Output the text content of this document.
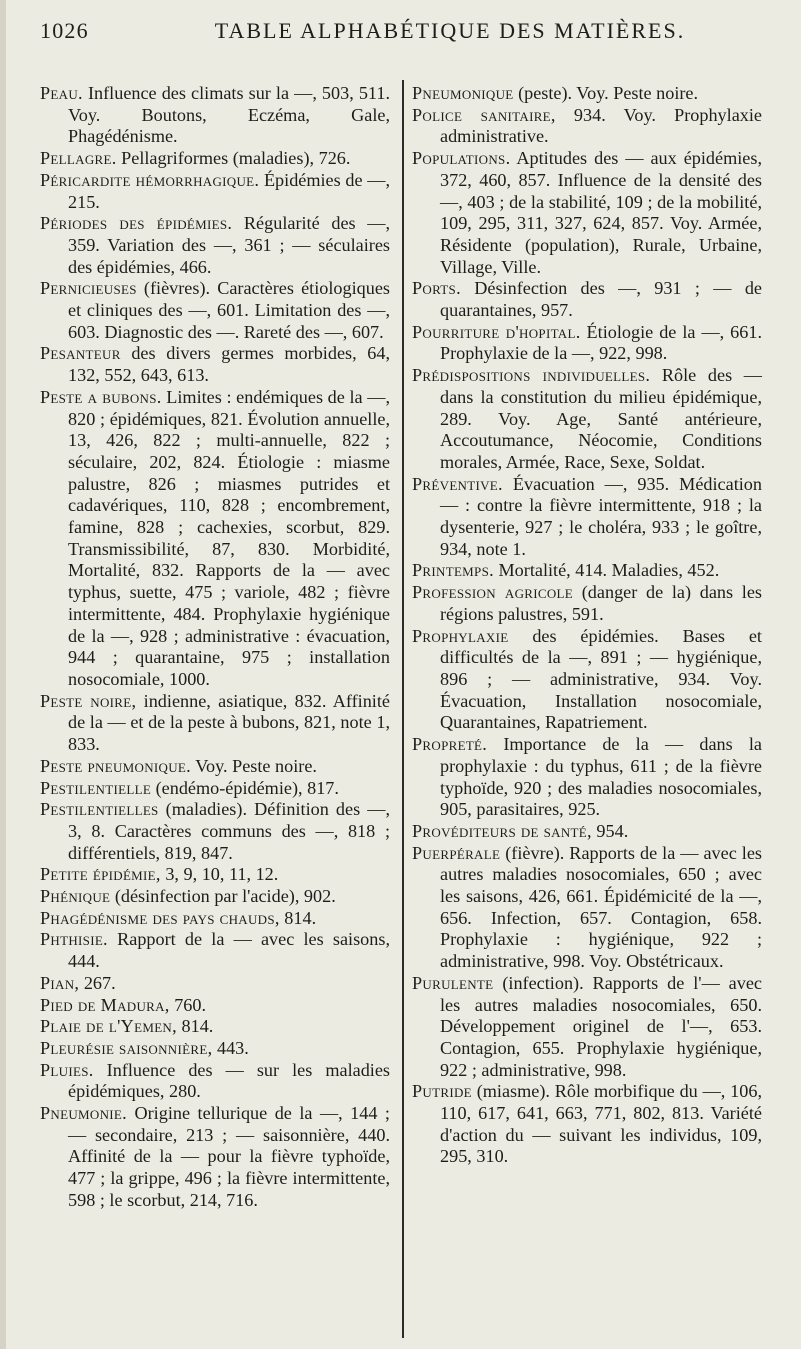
1026	TABLE ALPHABÉTIQUE DES MATIÈRES.

Peau. Influence des climats sur la —, 503, 511. Voy. Boutons, Eczéma, Gale, Phagédénisme.

Pellagre. Pellagriformes (maladies), 726.

Péricardite hémorrhagique. Épidémies de —, 215.

Périodes des épidémies. Régularité des —, 359. Variation des —, 361 ; — séculaires des épidémies, 466.

Pernicieuses (fièvres). Caractères étiologiques et cliniques des —, 601. Limitation des —, 603. Diagnostic des —. Rareté des —, 607.

Pesanteur des divers germes morbides, 64, 132, 552, 643, 613.

Peste a bubons. Limites : endémiques de la —, 820 ; épidémiques, 821. Évolution annuelle, 13, 426, 822 ; multi-annuelle, 822 ; séculaire, 202, 824. Étiologie : miasme palustre, 826 ; miasmes putrides et cadavériques, 110, 828 ; encombrement, famine, 828 ; cachexies, scorbut, 829. Transmissibilité, 87, 830. Morbidité, Mortalité, 832. Rapports de la — avec typhus, suette, 475 ; variole, 482 ; fièvre intermittente, 484. Prophylaxie hygiénique de la —, 928 ; administrative : évacuation, 944 ; quarantaine, 975 ; installation nosocomiale, 1000.

Peste noire, indienne, asiatique, 832. Affinité de la — et de la peste à bubons, 821, note 1, 833.

Peste pneumonique. Voy. Peste noire.

Pestilentielle (endémo-épidémie), 817.

Pestilentielles (maladies). Définition des —, 3, 8. Caractères communs des —, 818 ; différentiels, 819, 847.

Petite épidémie, 3, 9, 10, 11, 12.

Phénique (désinfection par l'acide), 902.

Phagédénisme des pays chauds, 814.

Phthisie. Rapport de la — avec les saisons, 444.

Pian, 267.

Pied de Madura, 760.

Plaie de l'Yemen, 814.

Pleurésie saisonnière, 443.

Pluies. Influence des — sur les maladies épidémiques, 280.

Pneumonie. Origine tellurique de la —, 144 ; — secondaire, 213 ; — saisonnière, 440. Affinité de la — pour la fièvre typhoïde, 477 ; la grippe, 496 ; la fièvre intermittente, 598 ; le scorbut, 214, 716.

Pneumonique (peste). Voy. Peste noire.

Police sanitaire, 934. Voy. Prophylaxie administrative.

Populations. Aptitudes des — aux épidémies, 372, 460, 857. Influence de la densité des —, 403 ; de la stabilité, 109 ; de la mobilité, 109, 295, 311, 327, 624, 857. Voy. Armée, Résidente (population), Rurale, Urbaine, Village, Ville.

Ports. Désinfection des —, 931 ; — de quarantaines, 957.

Pourriture d'hopital. Étiologie de la —, 661. Prophylaxie de la —, 922, 998.

Prédispositions individuelles. Rôle des — dans la constitution du milieu épidémique, 289. Voy. Age, Santé antérieure, Accoutumance, Néocomie, Conditions morales, Armée, Race, Sexe, Soldat.

Préventive. Évacuation —, 935. Médication — : contre la fièvre intermittente, 918 ; la dysenterie, 927 ; le choléra, 933 ; le goître, 934, note 1.

Printemps. Mortalité, 414. Maladies, 452.

Profession agricole (danger de la) dans les régions palustres, 591.

Prophylaxie des épidémies. Bases et difficultés de la —, 891 ; — hygiénique, 896 ; — administrative, 934. Voy. Évacuation, Installation nosocomiale, Quarantaines, Rapatriement.

Propreté. Importance de la — dans la prophylaxie : du typhus, 611 ; de la fièvre typhoïde, 920 ; des maladies nosocomiales, 905, parasitaires, 925.

Provéditeurs de santé, 954.

Puerpérale (fièvre). Rapports de la — avec les autres maladies nosocomiales, 650 ; avec les saisons, 426, 661. Épidémicité de la —, 656. Infection, 657. Contagion, 658. Prophylaxie : hygiénique, 922 ; administrative, 998. Voy. Obstétricaux.

Purulente (infection). Rapports de l'— avec les autres maladies nosocomiales, 650. Développement originel de l'—, 653. Contagion, 655. Prophylaxie hygiénique, 922 ; administrative, 998.

Putride (miasme). Rôle morbifique du —, 106, 110, 617, 641, 663, 771, 802, 813. Variété d'action du — suivant les individus, 109, 295, 310.
